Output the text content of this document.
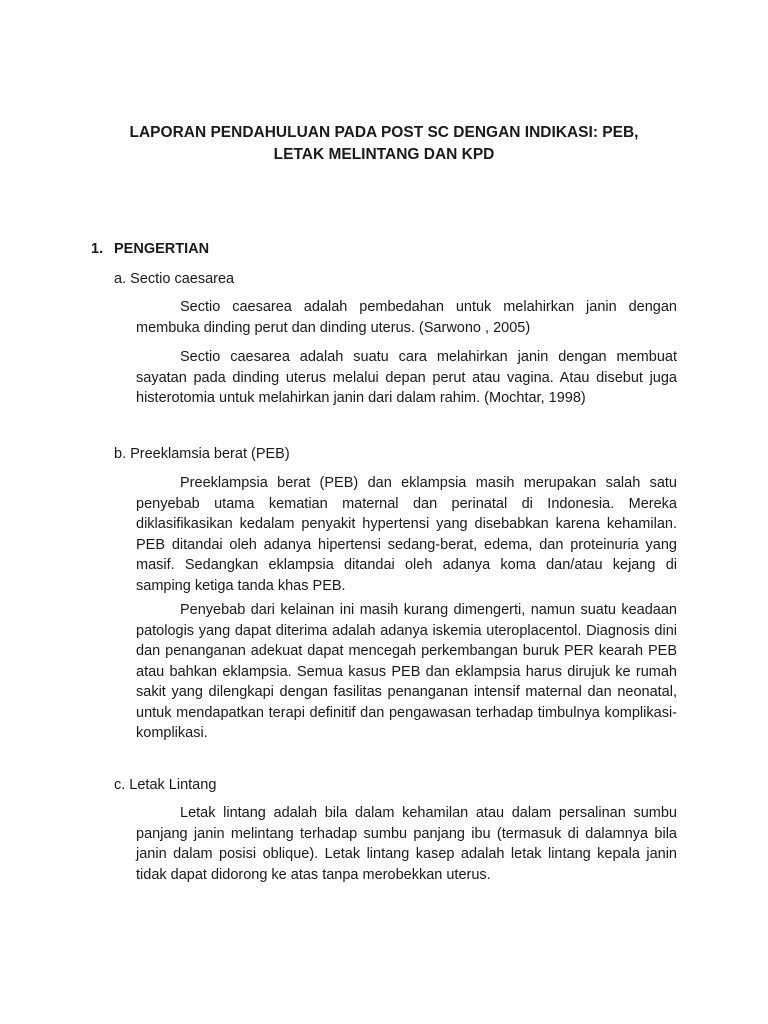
LAPORAN PENDAHULUAN PADA POST SC DENGAN INDIKASI: PEB,
LETAK MELINTANG DAN KPD
1. PENGERTIAN
a. Sectio caesarea

Sectio caesarea adalah pembedahan untuk melahirkan janin dengan membuka dinding perut dan dinding uterus. (Sarwono , 2005)

Sectio caesarea adalah suatu cara melahirkan janin dengan membuat sayatan pada dinding uterus melalui depan perut atau vagina. Atau disebut juga histerotomia untuk melahirkan janin dari dalam rahim. (Mochtar, 1998)

b. Preeklamsia berat (PEB)

Preeklampsia berat (PEB) dan eklampsia masih merupakan salah satu penyebab utama kematian maternal dan perinatal di Indonesia. Mereka diklasifikasikan kedalam penyakit hypertensi yang disebabkan karena kehamilan. PEB ditandai oleh adanya hipertensi sedang-berat, edema, dan proteinuria yang masif. Sedangkan eklampsia ditandai oleh adanya koma dan/atau kejang di samping ketiga tanda khas PEB.

Penyebab dari kelainan ini masih kurang dimengerti, namun suatu keadaan patologis yang dapat diterima adalah adanya iskemia uteroplacentol. Diagnosis dini dan penanganan adekuat dapat mencegah perkembangan buruk PER kearah PEB atau bahkan eklampsia. Semua kasus PEB dan eklampsia harus dirujuk ke rumah sakit yang dilengkapi dengan fasilitas penanganan intensif maternal dan neonatal, untuk mendapatkan terapi definitif dan pengawasan terhadap timbulnya komplikasi-komplikasi.

c. Letak Lintang

Letak lintang adalah bila dalam kehamilan atau dalam persalinan sumbu panjang janin melintang terhadap sumbu panjang ibu (termasuk di dalamnya bila janin dalam posisi oblique). Letak lintang kasep adalah letak lintang kepala janin tidak dapat didorong ke atas tanpa merobekkan uterus.
